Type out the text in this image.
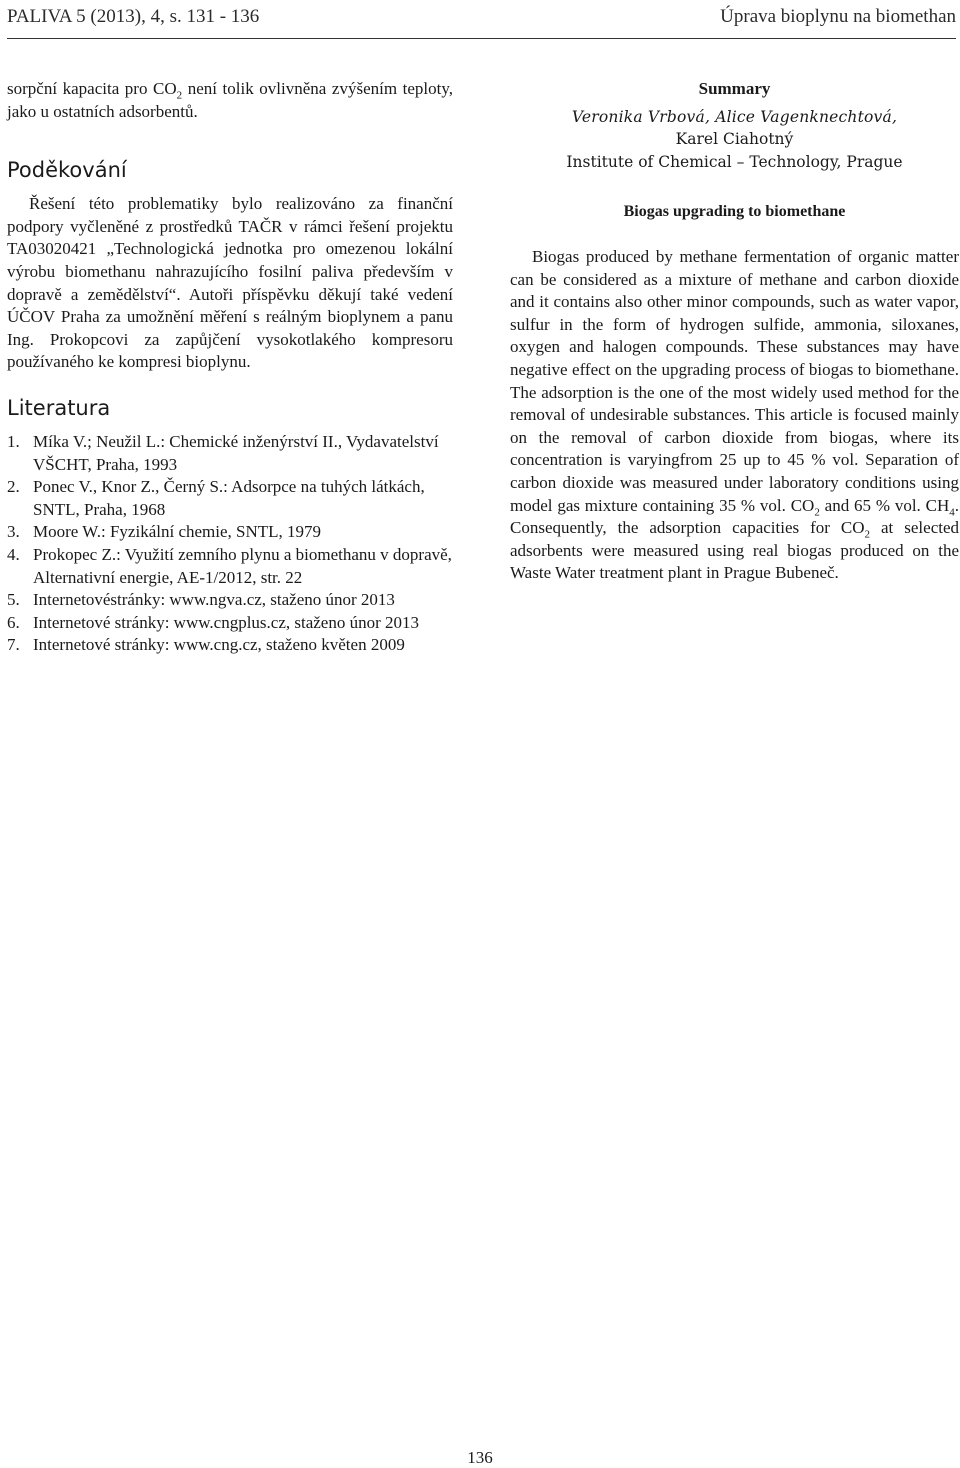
PALIVA 5 (2013), 4, s. 131 - 136	Úprava bioplynu na biomethan

sorpční kapacita pro $CO_2$ není tolik ovlivněna zvýšením teploty, jako u ostatních adsorbentů.

Poděkování

Řešení této problematiky bylo realizováno za finanční podpory vyčleněné z prostředků TAČR v rámci řešení projektu TA03020421 „Technologická jednotka pro omezenou lokální výrobu biomethanu nahrazujícího fosilní paliva především v dopravě a zemědělství“. Autoři příspěvku děkují také vedení ÚČOV Praha za umožnění měření s reálným bioplynem a panu Ing. Prokopcovi za zapůjčení vysokotlakého kompresoru používaného ke kompresi bioplynu.

Literatura
1. Míka V.; Neužil L.: Chemické inženýrství II., Vydavatelství VŠCHT, Praha, 1993
2. Ponec V., Knor Z., Černý S.: Adsorpce na tuhých látkách, SNTL, Praha, 1968
3. Moore W.: Fyzikální chemie, SNTL, 1979
4. Prokopec Z.: Využití zemního plynu a biomethanu v dopravě, Alternativní energie, AE-1/2012, str. 22
5. Internetovéstránky: www.ngva.cz, staženo únor 2013
6. Internetové stránky: www.cngplus.cz, staženo únor 2013
7. Internetové stránky: www.cng.cz, staženo květen 2009
Summary
Veronika Vrbová, Alice Vagenknechtová,
Karel Ciahotný
Institute of Chemical – Technology, Prague
Biogas upgrading to biomethane

Biogas produced by methane fermentation of organic matter can be considered as a mixture of methane and carbon dioxide and it contains also other minor compounds, such as water vapor, sulfur in the form of hydrogen sulfide, ammonia, siloxanes, oxygen and halogen compounds. These substances may have negative effect on the upgrading process of biogas to biomethane. The adsorption is the one of the most widely used method for the removal of undesirable substances. This article is focused mainly on the removal of carbon dioxide from biogas, where its concentration is varyingfrom 25 up to 45 % vol. Separation of carbon dioxide was measured under laboratory conditions using model gas mixture containing 35 % vol. $CO_2$ and 65 % vol. $CH_4$. Consequently, the adsorption capacities for $CO_2$ at selected adsorbents were measured using real biogas produced on the Waste Water treatment plant in Prague Bubeneč.

136
